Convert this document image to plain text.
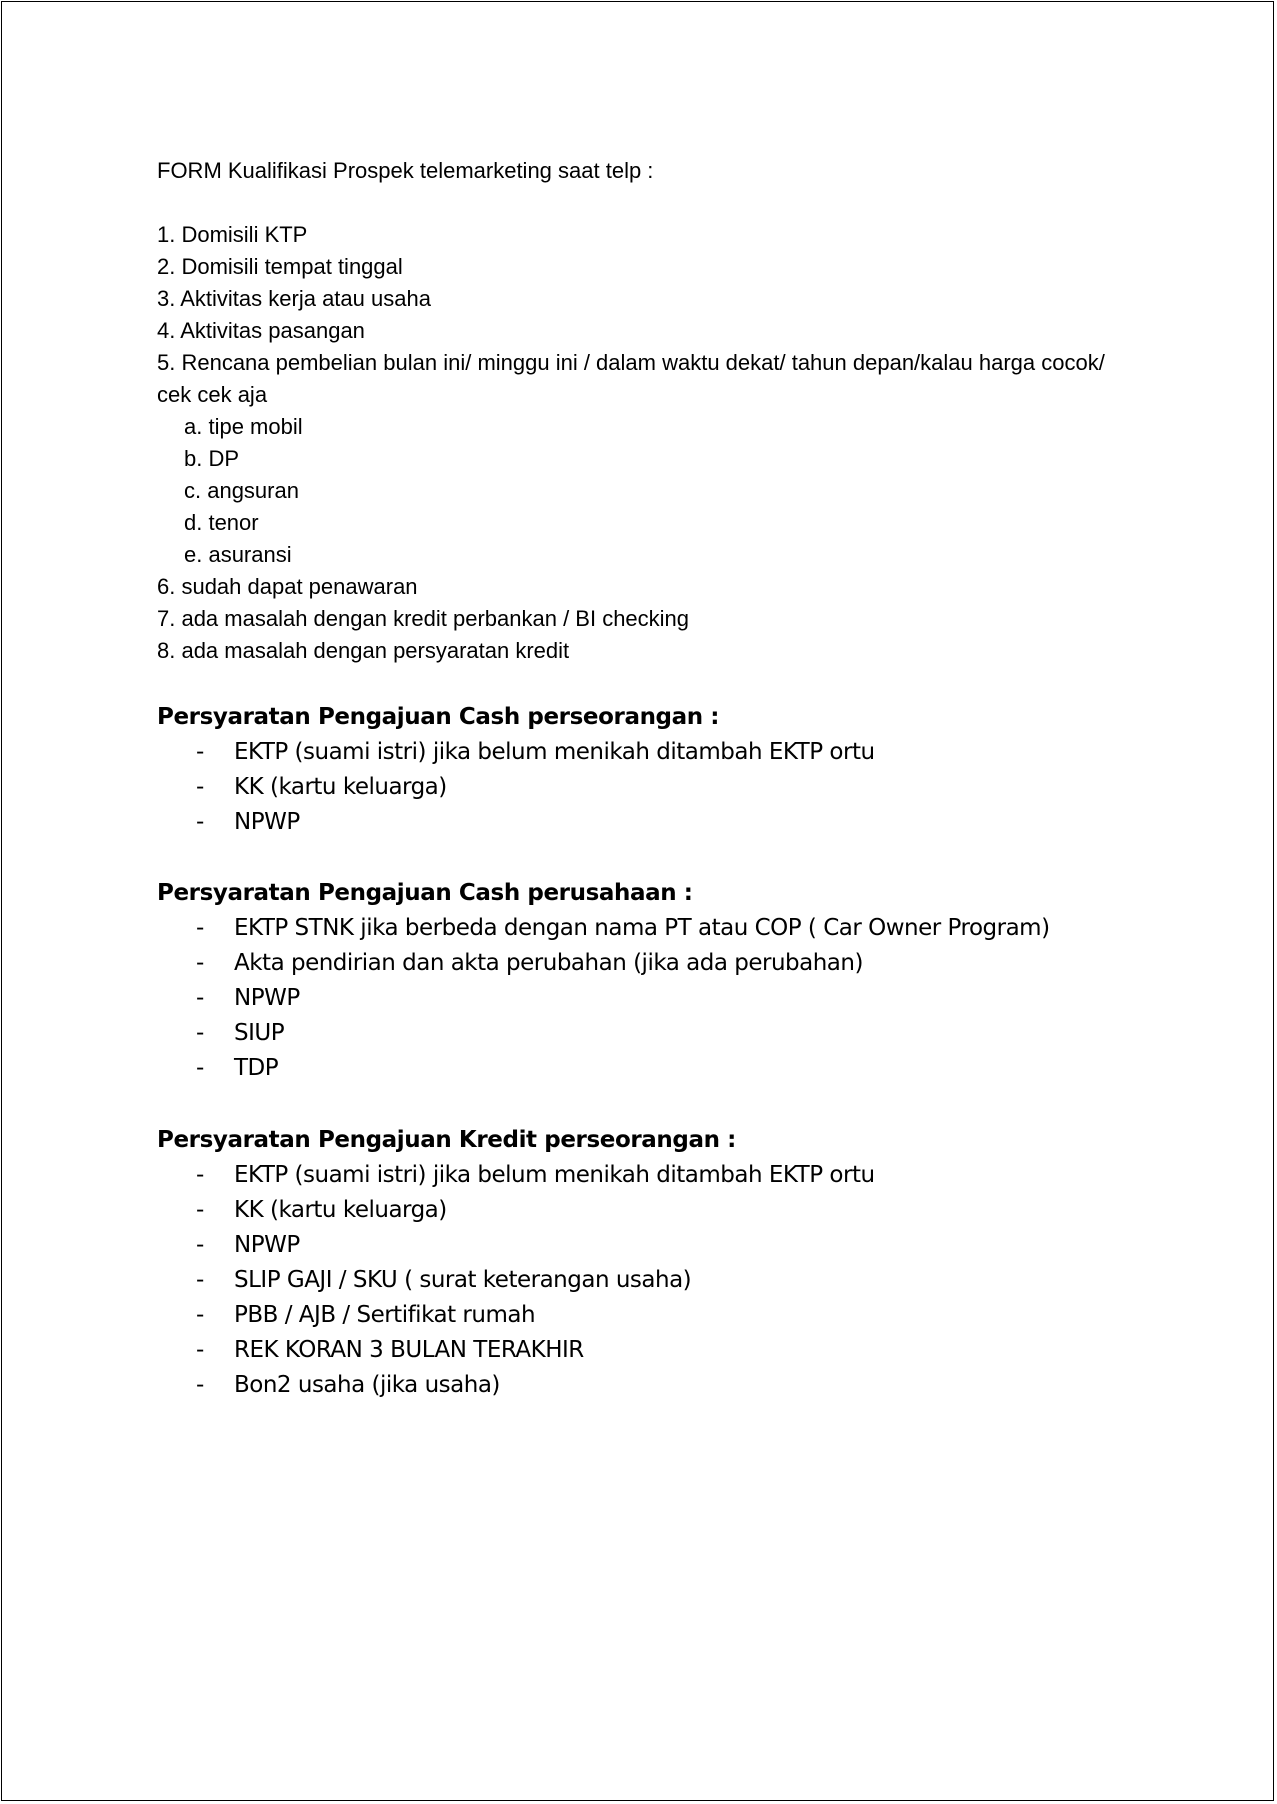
FORM Kualifikasi Prospek telemarketing saat telp :
1. Domisili KTP
2. Domisili tempat tinggal
3. Aktivitas kerja atau usaha
4. Aktivitas pasangan
5. Rencana pembelian bulan ini/ minggu ini / dalam waktu dekat/ tahun depan/kalau harga cocok/ cek cek aja
a. tipe mobil
b. DP
c. angsuran
d. tenor
e. asuransi
6. sudah dapat penawaran
7. ada masalah dengan kredit perbankan / BI checking
8. ada masalah dengan persyaratan kredit
Persyaratan Pengajuan Cash perseorangan :
- EKTP (suami istri) jika belum menikah ditambah EKTP ortu
- KK (kartu keluarga)
- NPWP
Persyaratan Pengajuan Cash perusahaan :
- EKTP STNK jika berbeda dengan nama PT atau COP ( Car Owner Program)
- Akta pendirian dan akta perubahan (jika ada perubahan)
- NPWP
- SIUP
- TDP
Persyaratan Pengajuan Kredit perseorangan :
- EKTP (suami istri) jika belum menikah ditambah EKTP ortu
- KK (kartu keluarga)
- NPWP
- SLIP GAJI / SKU ( surat keterangan usaha)
- PBB / AJB / Sertifikat rumah
- REK KORAN 3 BULAN TERAKHIR
- Bon2 usaha (jika usaha)
